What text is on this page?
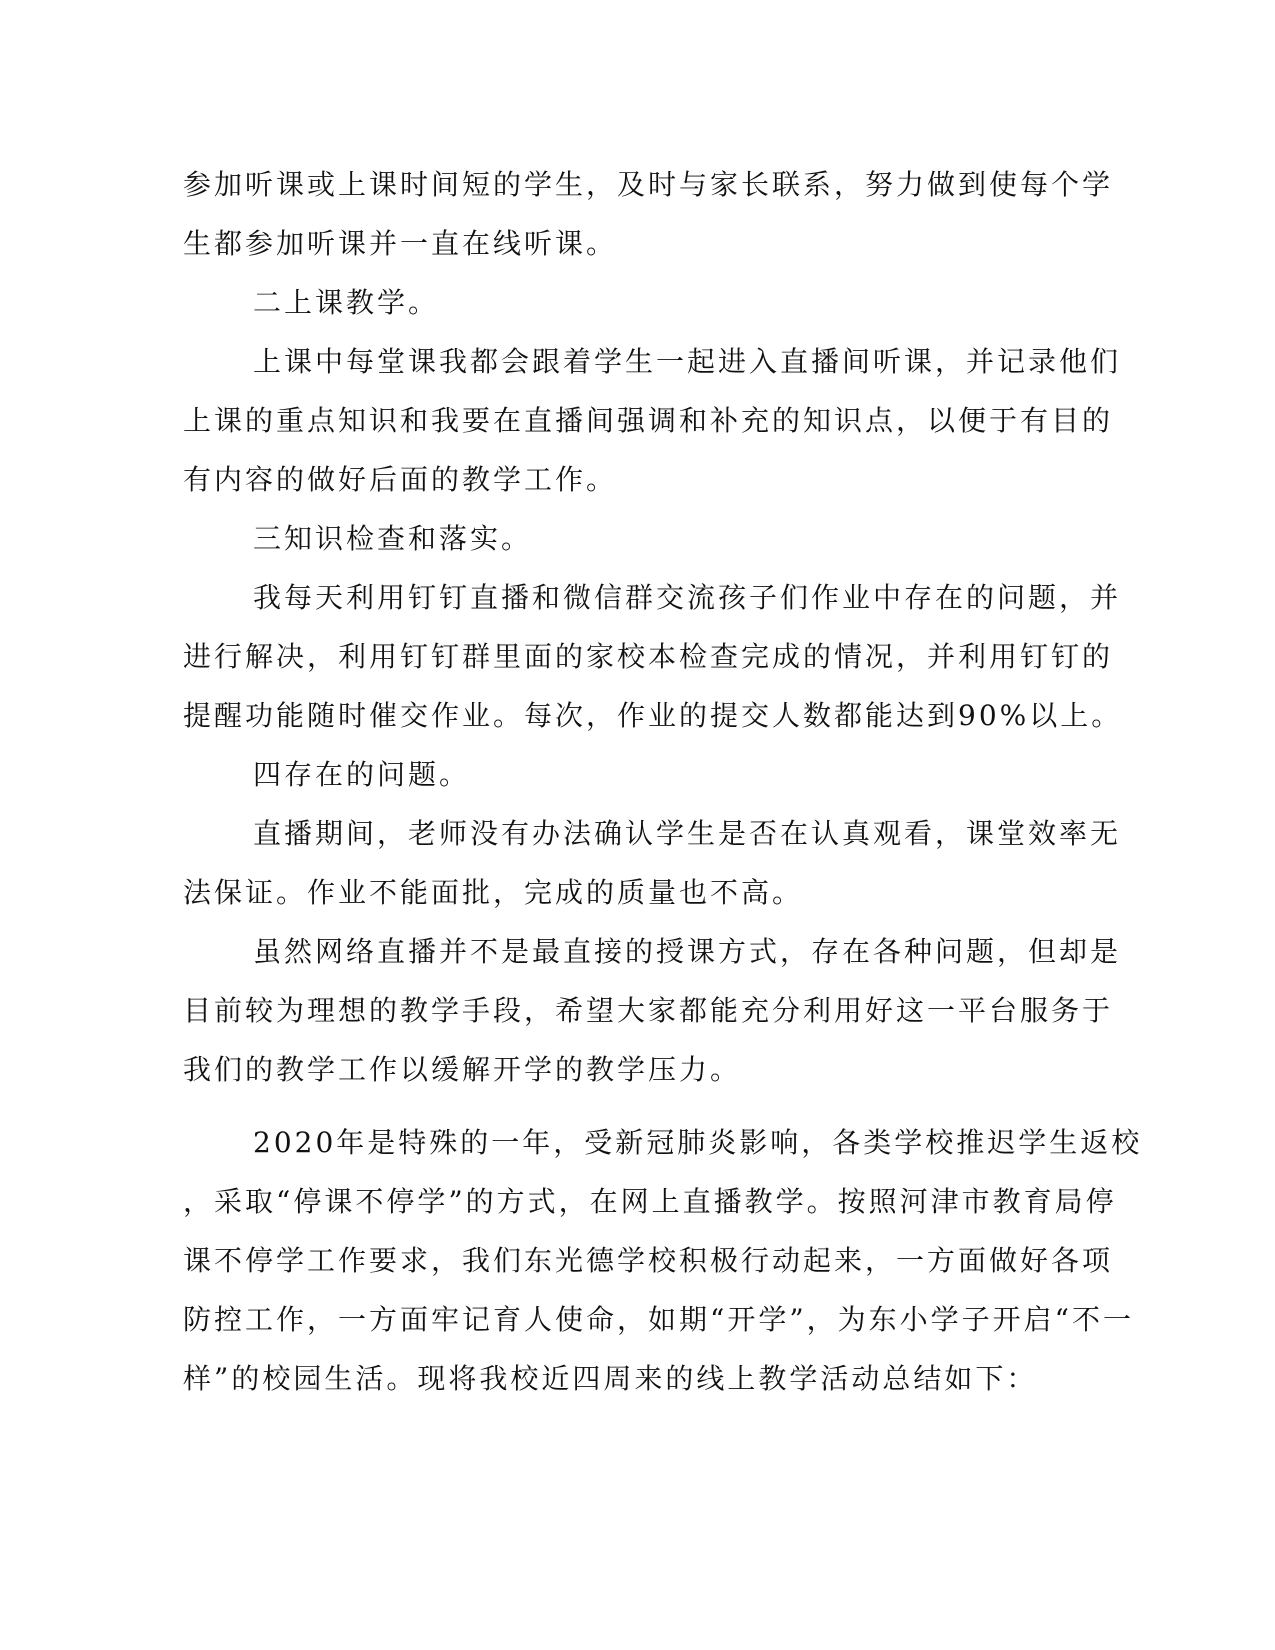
参加听课或上课时间短的学生，及时与家长联系，努力做到使每个学
生都参加听课并一直在线听课。
二上课教学。
上课中每堂课我都会跟着学生一起进入直播间听课，并记录他们
上课的重点知识和我要在直播间强调和补充的知识点，以便于有目的
有内容的做好后面的教学工作。
三知识检查和落实。
我每天利用钉钉直播和微信群交流孩子们作业中存在的问题，并
进行解决，利用钉钉群里面的家校本检查完成的情况，并利用钉钉的
提醒功能随时催交作业。每次，作业的提交人数都能达到90%以上。
四存在的问题。
直播期间，老师没有办法确认学生是否在认真观看，课堂效率无
法保证。作业不能面批，完成的质量也不高。
虽然网络直播并不是最直接的授课方式，存在各种问题，但却是
目前较为理想的教学手段，希望大家都能充分利用好这一平台服务于
我们的教学工作以缓解开学的教学压力。
2020年是特殊的一年，受新冠肺炎影响，各类学校推迟学生返校
，采取“停课不停学”的方式，在网上直播教学。按照河津市教育局停
课不停学工作要求，我们东光德学校积极行动起来，一方面做好各项
防控工作，一方面牢记育人使命，如期“开学”，为东小学子开启“不一
样”的校园生活。现将我校近四周来的线上教学活动总结如下：
